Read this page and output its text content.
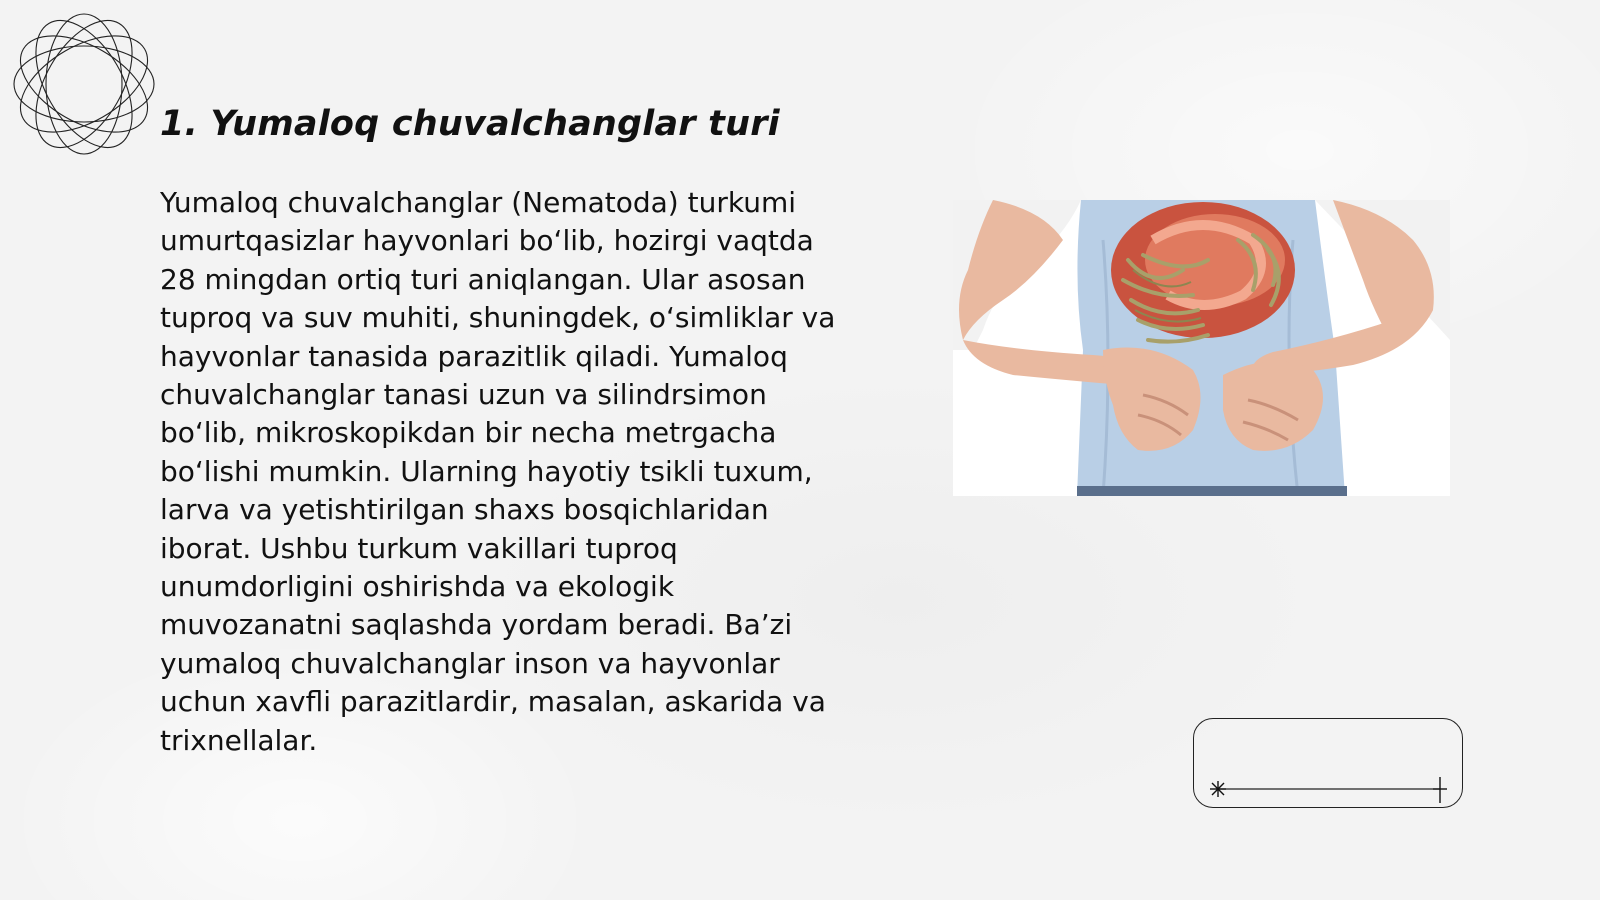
1. Yumaloq chuvalchanglar turi

Yumaloq chuvalchanglar (Nematoda) turkumi umurtqasizlar hayvonlari bo‘lib, hozirgi vaqtda 28 mingdan ortiq turi aniqlangan. Ular asosan tuproq va suv muhiti, shuningdek, o‘simliklar va hayvonlar tanasida parazitlik qiladi. Yumaloq chuvalchanglar tanasi uzun va silindrsimon bo‘lib, mikroskopikdan bir necha metrgacha bo‘lishi mumkin. Ularning hayotiy tsikli tuxum, larva va yetishtirilgan shaxs bosqichlaridan iborat. Ushbu turkum vakillari tuproq unumdorligini oshirishda va ekologik muvozanatni saqlashda yordam beradi. Ba’zi yumaloq chuvalchanglar inson va hayvonlar uchun xavfli parazitlardir, masalan, askarida va trixnellalar.
